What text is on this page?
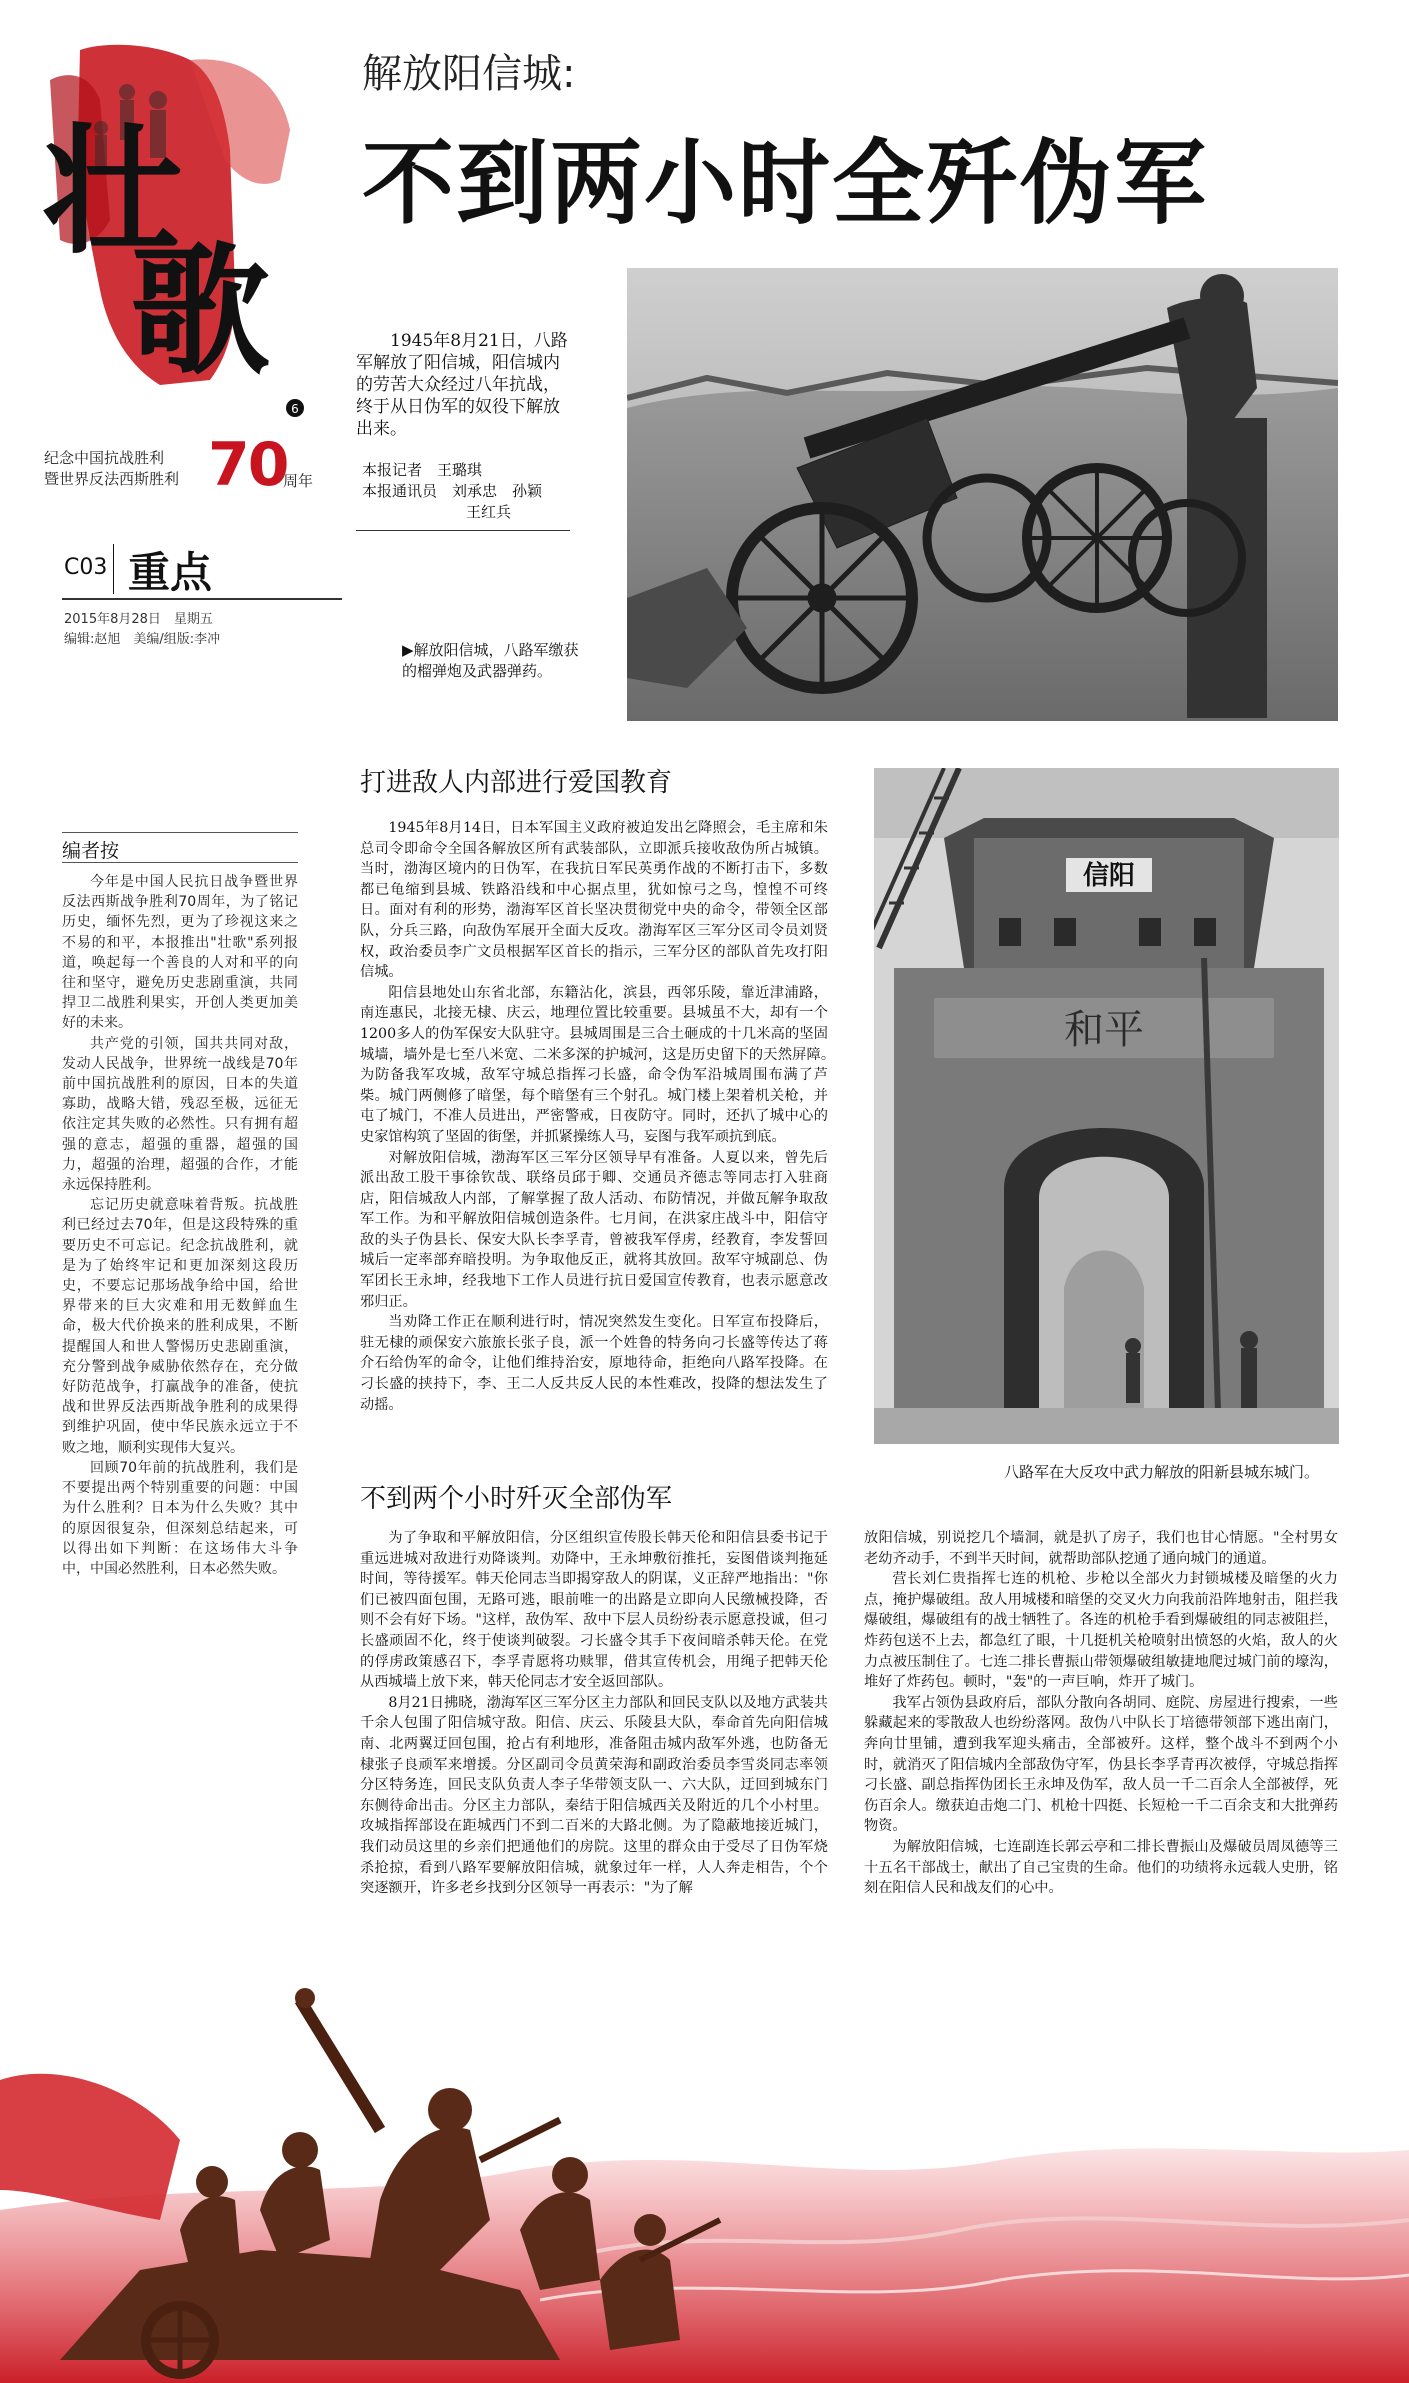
壮
歌
6
纪念中国抗战胜利
暨世界反法西斯胜利 70
周年
C03 重点
2015年8月28日　星期五
编辑:赵旭　美编/组版:李冲
解放阳信城:
不到两小时全歼伪军
1945年8月21日，八路军解放了阳信城，阳信城内的劳苦大众经过八年抗战，终于从日伪军的奴役下解放出来。
本报记者　王璐琪
本报通讯员　刘承忠　孙颖
王红兵
▶解放阳信城，八路军缴获的榴弹炮及武器弹药。
打进敌人内部进行爱国教育

1945年8月14日，日本军国主义政府被迫发出乞降照会，毛主席和朱总司令即命令全国各解放区所有武装部队，立即派兵接收敌伪所占城镇。当时，渤海区境内的日伪军，在我抗日军民英勇作战的不断打击下，多数都已龟缩到县城、铁路沿线和中心据点里，犹如惊弓之鸟，惶惶不可终日。面对有利的形势，渤海军区首长坚决贯彻党中央的命令，带领全区部队，分兵三路，向敌伪军展开全面大反攻。渤海军区三军分区司令员刘贤权，政治委员李广文员根据军区首长的指示，三军分区的部队首先攻打阳信城。

阳信县地处山东省北部，东籍沾化，滨县，西邻乐陵，靠近津浦路，南连惠民，北接无棣、庆云，地理位置比较重要。县城虽不大，却有一个1200多人的伪军保安大队驻守。县城周围是三合土砸成的十几米高的坚固城墙，墙外是七至八米宽、二米多深的护城河，这是历史留下的天然屏障。　　为防备我军攻城，敌军守城总指挥刁长盛，命令伪军沿城周围布满了芦柴。城门两侧修了暗堡，每个暗堡有三个射孔。城门楼上架着机关枪，并屯了城门，不准人员进出，严密警戒，日夜防守。同时，还扒了城中心的史家馆构筑了坚固的街堡，并抓紧操练人马，妄图与我军顽抗到底。

对解放阳信城，渤海军区三军分区领导早有准备。人夏以来，曾先后派出敌工股干事徐钦哉、联络员邱于卿、交通员齐德志等同志打入驻商店，阳信城敌人内部，了解掌握了敌人活动、布防情况，并做瓦解争取敌军工作。为和平解放阳信城创造条件。七月间，在洪家庄战斗中，阳信守敌的头子伪县长、保安大队长李孚青，曾被我军俘虏，经教育，李发誓回城后一定率部弃暗投明。为争取他反正，就将其放回。敌军守城副总、伪军团长王永坤，经我地下工作人员进行抗日爱国宣传教育，也表示愿意改邪归正。

当劝降工作正在顺利进行时，情况突然发生变化。日军宣布投降后，驻无棣的顽保安六旅旅长张子良，派一个姓鲁的特务向刁长盛等传达了蒋介石给伪军的命令，让他们维持治安，原地待命，拒绝向八路军投降。在刁长盛的挟持下，李、王二人反共反人民的本性难改，投降的想法发生了动摇。

信阳
和平
八路军在大反攻中武力解放的阳新县城东城门。
编者按

今年是中国人民抗日战争暨世界反法西斯战争胜利70周年，为了铭记历史，缅怀先烈，更为了珍视这来之不易的和平，本报推出"壮歌"系列报道，唤起每一个善良的人对和平的向往和坚守，避免历史悲剧重演，共同捍卫二战胜利果实，开创人类更加美好的未来。

共产党的引领，国共共同对敌，发动人民战争，世界统一战线是70年前中国抗战胜利的原因，日本的失道寡助，战略大错，残忍至极，远征无依注定其失败的必然性。只有拥有超强的意志，超强的重器，超强的国力，超强的治理，超强的合作，才能永远保持胜利。

忘记历史就意味着背叛。抗战胜利已经过去70年，但是这段特殊的重要历史不可忘记。纪念抗战胜利，就是为了始终牢记和更加深刻这段历史，不要忘记那场战争给中国，给世界带来的巨大灾难和用无数鲜血生命，极大代价换来的胜利成果，不断提醒国人和世人警惕历史悲剧重演，充分警到战争威胁依然存在，充分做好防范战争，打赢战争的准备，使抗战和世界反法西斯战争胜利的成果得到维护巩固，使中华民族永远立于不败之地，顺利实现伟大复兴。

回顾70年前的抗战胜利，我们是不要提出两个特别重要的问题：中国为什么胜利？日本为什么失败？其中的原因很复杂，但深刻总结起来，可以得出如下判断：在这场伟大斗争中，中国必然胜利，日本必然失败。

不到两个小时歼灭全部伪军

为了争取和平解放阳信，分区组织宣传股长韩天伦和阳信县委书记于重远进城对敌进行劝降谈判。劝降中，王永坤敷衍推托，妄图借谈判拖延时间，等待援军。韩天伦同志当即揭穿敌人的阴谋，义正辞严地指出："你们已被四面包围，无路可逃，眼前唯一的出路是立即向人民缴械投降，否则不会有好下场。"这样，敌伪军、敌中下层人员纷纷表示愿意投诚，但刁长盛顽固不化，终于使谈判破裂。刁长盛令其手下夜间暗杀韩天伦。在党的俘虏政策感召下，李孚青愿将功赎罪，借其宣传机会，用绳子把韩天伦从西城墙上放下来，韩天伦同志才安全返回部队。

8月21日拂晓，渤海军区三军分区主力部队和回民支队以及地方武装共千余人包围了阳信城守敌。阳信、庆云、乐陵县大队，奉命首先向阳信城南、北两翼迂回包围，抢占有利地形，准备阻击城内敌军外逃，也防备无棣张子良顽军来增援。分区副司令员黄荣海和副政治委员李雪炎同志率领分区特务连，回民支队负责人李子华带领支队一、六大队，迂回到城东门东侧待命出击。分区主力部队，秦结于阳信城西关及附近的几个小村里。攻城指挥部设在距城西门不到二百米的大路北侧。为了隐蔽地接近城门，我们动员这里的乡亲们把通他们的房院。这里的群众由于受尽了日伪军烧杀抢掠，看到八路军要解放阳信城，就象过年一样，人人奔走相告，个个突逐额开，许多老乡找到分区领导一再表示："为了解

放阳信城，别说挖几个墙洞，就是扒了房子，我们也甘心情愿。"全村男女老幼齐动手，不到半天时间，就帮助部队挖通了通向城门的通道。

营长刘仁贵指挥七连的机枪、步枪以全部火力封锁城楼及暗堡的火力点，掩护爆破组。敌人用城楼和暗堡的交叉火力向我前沿阵地射击，阻拦我爆破组，爆破组有的战士牺牲了。各连的机枪手看到爆破组的同志被阻拦，炸药包送不上去，都急红了眼，十几挺机关枪喷射出愤怒的火焰，敌人的火力点被压制住了。七连二排长曹振山带领爆破组敏捷地爬过城门前的壕沟，堆好了炸药包。顿时，"轰"的一声巨响，炸开了城门。

我军占领伪县政府后，部队分散向各胡同、庭院、房屋进行搜索，一些躲藏起来的零散敌人也纷纷落网。敌伪八中队长丁培德带领部下逃出南门，奔向廿里铺，遭到我军迎头痛击，全部被歼。这样，整个战斗不到两个小时，就消灭了阳信城内全部敌伪守军，伪县长李孚青再次被俘，守城总指挥刁长盛、副总指挥伪团长王永坤及伪军，敌人员一千二百余人全部被俘，死伤百余人。缴获迫击炮二门、机枪十四挺、长短枪一千二百余支和大批弹药物资。

为解放阳信城，七连副连长郭云亭和二排长曹振山及爆破员周凤德等三十五名干部战士，献出了自己宝贵的生命。他们的功绩将永远载人史册，铭刻在阳信人民和战友们的心中。
